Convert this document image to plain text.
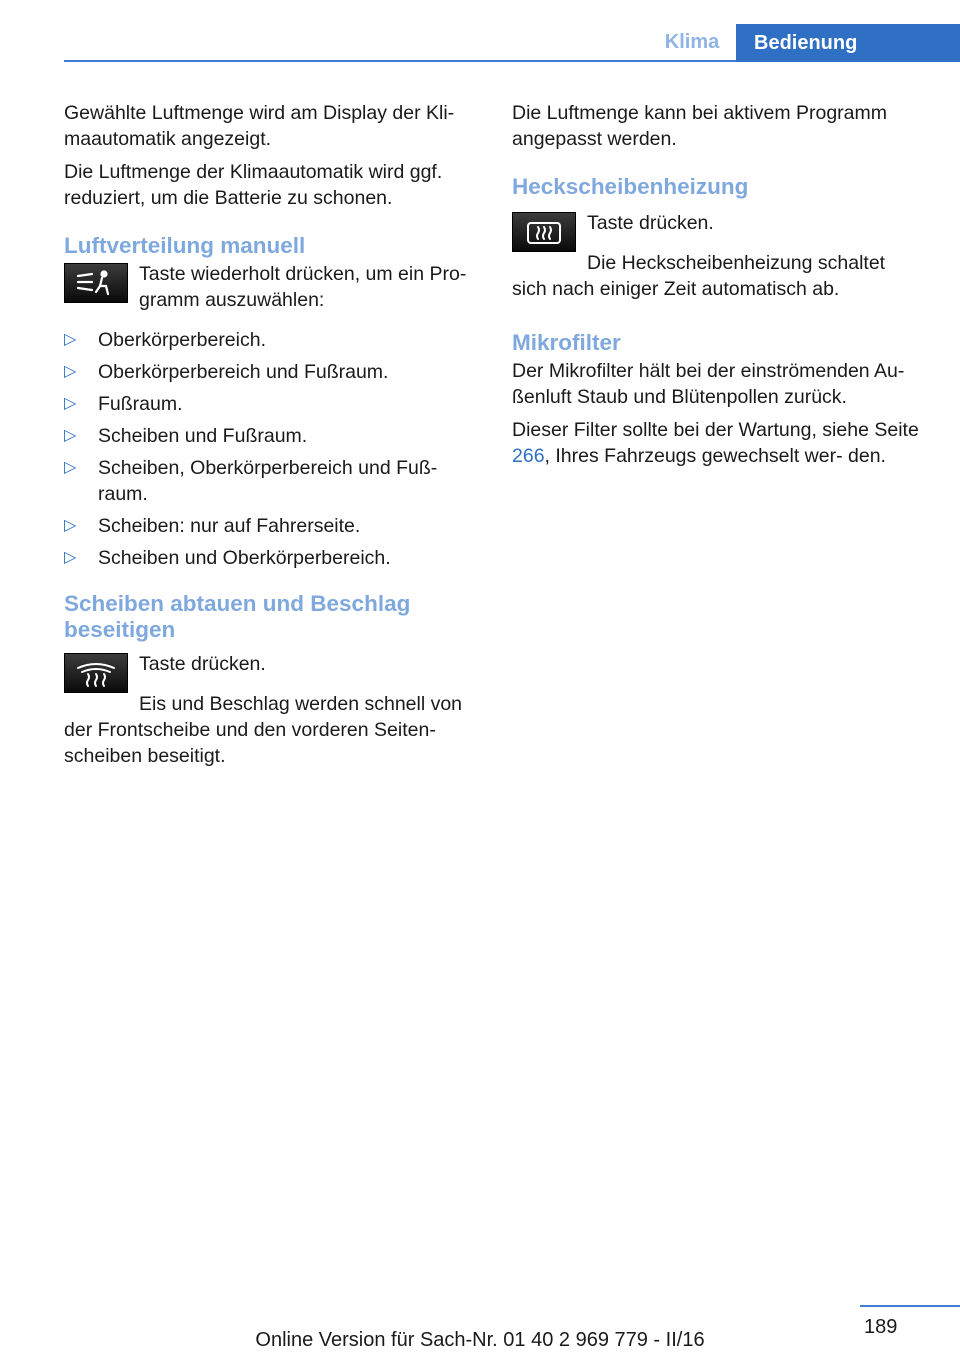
Klima	Bedienung

Gewählte Luftmenge wird am Display der Kli‐ maautomatik angezeigt.

Die Luftmenge der Klimaautomatik wird ggf. reduziert, um die Batterie zu schonen.

Luftverteilung manuell

Taste wiederholt drücken, um ein Pro‐ gramm auszuwählen:

▷ Oberkörperbereich.
▷ Oberkörperbereich und Fußraum.
▷ Fußraum.
▷ Scheiben und Fußraum.
▷ Scheiben, Oberkörperbereich und Fuß‐ raum.
▷ Scheiben: nur auf Fahrerseite.
▷ Scheiben und Oberkörperbereich.
Scheiben abtauen und Beschlag beseitigen

Taste drücken.

Eis und Beschlag werden schnell von der Frontscheibe und den vorderen Seiten‐ scheiben beseitigt.

Die Luftmenge kann bei aktivem Programm angepasst werden.

Heckscheibenheizung

Taste drücken.

Die Heckscheibenheizung schaltet sich nach einiger Zeit automatisch ab.

Mikrofilter

Der Mikrofilter hält bei der einströmenden Au‐ ßenluft Staub und Blütenpollen zurück.

Dieser Filter sollte bei der Wartung, siehe Seite 266, Ihres Fahrzeugs gewechselt wer‐ den.

189
Online Version für Sach-Nr. 01 40 2 969 779 - II/16
